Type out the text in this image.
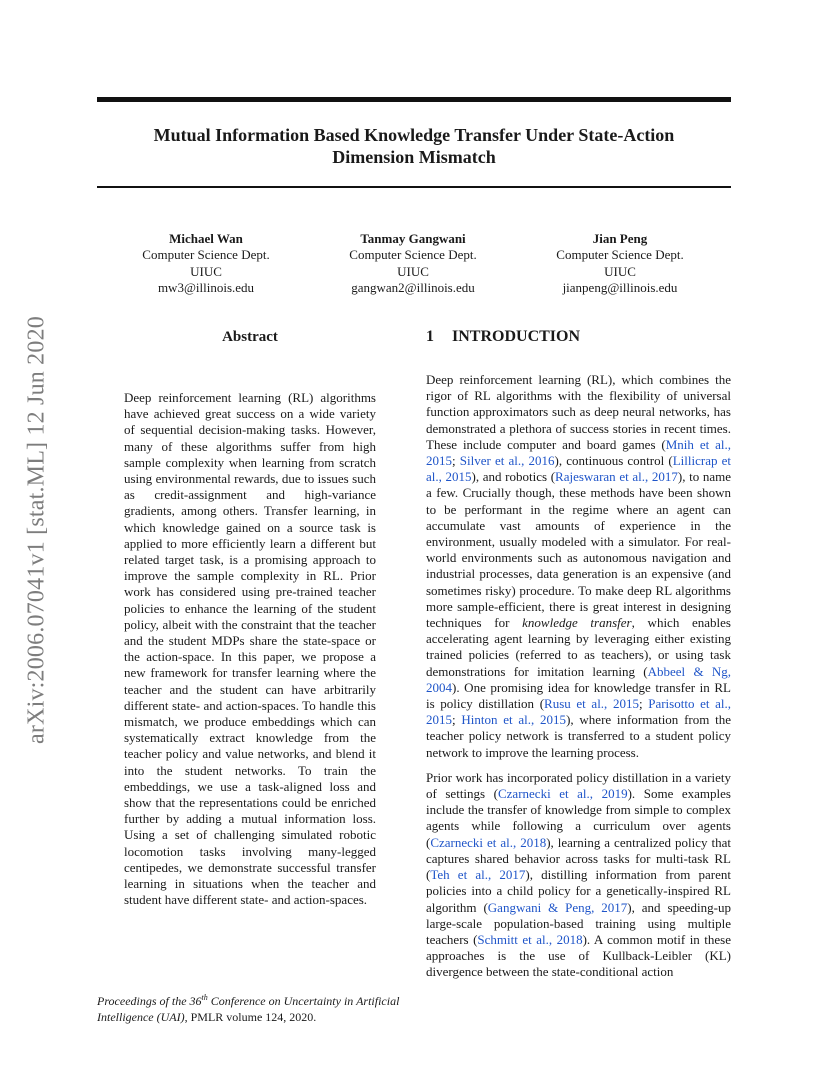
arXiv:2006.07041v1 [stat.ML] 12 Jun 2020
Mutual Information Based Knowledge Transfer Under State-Action
Dimension Mismatch
Michael Wan
Computer Science Dept.
UIUC
mw3@illinois.edu
Tanmay Gangwani
Computer Science Dept.
UIUC
gangwan2@illinois.edu
Jian Peng
Computer Science Dept.
UIUC
jianpeng@illinois.edu
Abstract
Deep reinforcement learning (RL) algorithms have achieved great success on a wide variety of sequential decision-making tasks. However, many of these algorithms suffer from high sample complexity when learning from scratch using environmental rewards, due to issues such as credit-assignment and high-variance gradients, among others. Transfer learning, in which knowledge gained on a source task is applied to more efficiently learn a different but related target task, is a promising approach to improve the sample complexity in RL. Prior work has considered using pre-trained teacher policies to enhance the learning of the student policy, albeit with the constraint that the teacher and the student MDPs share the state-space or the action-space. In this paper, we propose a new framework for transfer learning where the teacher and the student can have arbitrarily different state- and action-spaces. To handle this mismatch, we produce embeddings which can systematically extract knowledge from the teacher policy and value networks, and blend it into the student networks. To train the embeddings, we use a task-aligned loss and show that the representations could be enriched further by adding a mutual information loss. Using a set of challenging simulated robotic locomotion tasks involving many-legged centipedes, we demonstrate successful transfer learning in situations when the teacher and student have different state- and action-spaces.
1 INTRODUCTION

Deep reinforcement learning (RL), which combines the rigor of RL algorithms with the flexibility of universal function approximators such as deep neural networks, has demonstrated a plethora of success stories in recent times. These include computer and board games (Mnih et al., 2015; Silver et al., 2016), continuous control (Lillicrap et al., 2015), and robotics (Rajeswaran et al., 2017), to name a few. Crucially though, these methods have been shown to be performant in the regime where an agent can accumulate vast amounts of experience in the environment, usually modeled with a simulator. For real-world environments such as autonomous navigation and industrial processes, data generation is an expensive (and sometimes risky) procedure. To make deep RL algorithms more sample-efficient, there is great interest in designing techniques for knowledge transfer, which enables accelerating agent learning by leveraging either existing trained policies (referred to as teachers), or using task demonstrations for imitation learning (Abbeel & Ng, 2004). One promising idea for knowledge transfer in RL is policy distillation (Rusu et al., 2015; Parisotto et al., 2015; Hinton et al., 2015), where information from the teacher policy network is transferred to a student policy network to improve the learning process.

Prior work has incorporated policy distillation in a variety of settings (Czarnecki et al., 2019). Some examples include the transfer of knowledge from simple to complex agents while following a curriculum over agents (Czarnecki et al., 2018), learning a centralized policy that captures shared behavior across tasks for multi-task RL (Teh et al., 2017), distilling information from parent policies into a child policy for a genetically-inspired RL algorithm (Gangwani & Peng, 2017), and speeding-up large-scale population-based training using multiple teachers (Schmitt et al., 2018). A common motif in these approaches is the use of Kullback-Leibler (KL) divergence between the state-conditional action

Proceedings of the 36th Conference on Uncertainty in Artificial Intelligence (UAI), PMLR volume 124, 2020.
